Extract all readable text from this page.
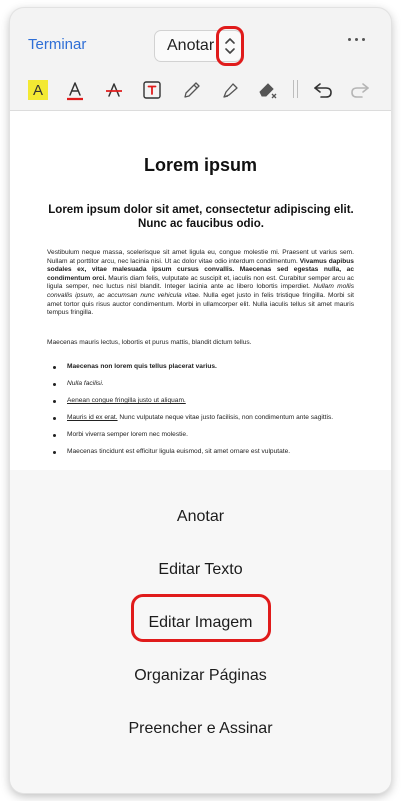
Terminar	Anotar
A
Lorem ipsum
Lorem ipsum dolor sit amet, consectetur adipiscing elit. Nunc ac faucibus odio.
Vestibulum neque massa, scelerisque sit amet ligula eu, congue molestie mi. Praesent ut varius sem. Nullam at porttitor arcu, nec lacinia nisi. Ut ac dolor vitae odio interdum condimentum. Vivamus dapibus sodales ex, vitae malesuada ipsum cursus convallis. Maecenas sed egestas nulla, ac condimentum orci. Mauris diam felis, vulputate ac suscipit et, iaculis non est. Curabitur semper arcu ac ligula semper, nec luctus nisl blandit. Integer lacinia ante ac libero lobortis imperdiet. Nullam mollis convallis ipsum, ac accumsan nunc vehicula vitae. Nulla eget justo in felis tristique fringilla. Morbi sit amet tortor quis risus auctor condimentum. Morbi in ullamcorper elit. Nulla iaculis tellus sit amet mauris tempus fringilla.
Maecenas mauris lectus, lobortis et purus mattis, blandit dictum tellus.
Maecenas non lorem quis tellus placerat varius.
Nulla facilisi.
Aenean congue fringilla justo ut aliquam.
Mauris id ex erat. Nunc vulputate neque vitae justo facilisis, non condimentum ante sagittis.
Morbi viverra semper lorem nec molestie.
Maecenas tincidunt est efficitur ligula euismod, sit amet ornare est vulputate.
Anotar
Editar Texto
Editar Imagem
Organizar Páginas
Preencher e Assinar
